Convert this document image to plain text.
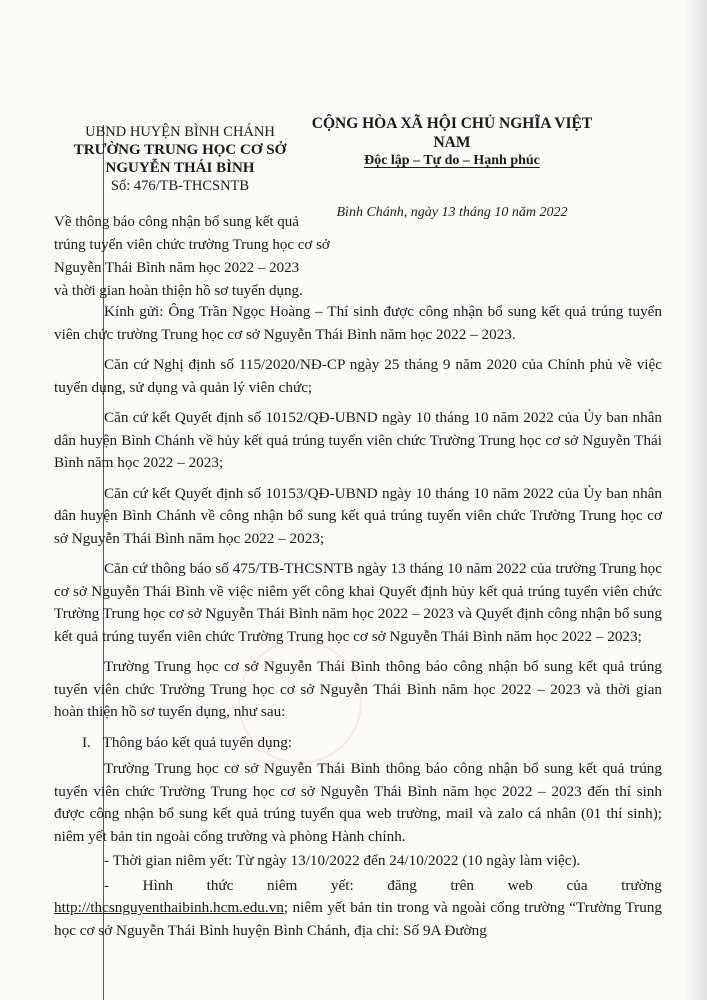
UBND HUYỆN BÌNH CHÁNH
TRƯỜNG TRUNG HỌC CƠ SỞ
NGUYỄN THÁI BÌNH
Số: 476/TB-THCSNTB
CỘNG HÒA XÃ HỘI CHỦ NGHĨA VIỆT NAM
Độc lập – Tự do – Hạnh phúc
Bình Chánh, ngày 13 tháng 10 năm 2022
Về thông báo công nhận bổ sung kết quả
trúng tuyển viên chức trường Trung học cơ sở
Nguyễn Thái Bình năm học 2022 – 2023
và thời gian hoàn thiện hồ sơ tuyển dụng.

Kính gửi: Ông Trần Ngọc Hoàng – Thí sinh được công nhận bổ sung kết quả trúng tuyển viên chức trường Trung học cơ sở Nguyễn Thái Bình năm học 2022 – 2023.

Căn cứ Nghị định số 115/2020/NĐ-CP ngày 25 tháng 9 năm 2020 của Chính phủ về việc tuyển dụng, sử dụng và quản lý viên chức;

Căn cứ kết Quyết định số 10152/QĐ-UBND ngày 10 tháng 10 năm 2022 của Ủy ban nhân dân huyện Bình Chánh về hủy kết quả trúng tuyển viên chức Trường Trung học cơ sở Nguyễn Thái Bình năm học 2022 – 2023;

Căn cứ kết Quyết định số 10153/QĐ-UBND ngày 10 tháng 10 năm 2022 của Ủy ban nhân dân huyện Bình Chánh về công nhận bổ sung kết quả trúng tuyển viên chức Trường Trung học cơ sở Nguyễn Thái Bình năm học 2022 – 2023;

Căn cứ thông báo số 475/TB-THCSNTB ngày 13 tháng 10 năm 2022 của trường Trung học cơ sở Nguyễn Thái Bình về việc niêm yết công khai Quyết định hủy kết quả trúng tuyển viên chức Trường Trung học cơ sở Nguyễn Thái Bình năm học 2022 – 2023 và Quyết định công nhận bổ sung kết quả trúng tuyển viên chức Trường Trung học cơ sở Nguyễn Thái Bình năm học 2022 – 2023;

Trường Trung học cơ sở Nguyễn Thái Bình thông báo công nhận bổ sung kết quả trúng tuyển viên chức Trường Trung học cơ sở Nguyễn Thái Bình năm học 2022 – 2023 và thời gian hoàn thiện hồ sơ tuyển dụng, như sau:

I. Thông báo kết quả tuyển dụng:

Trường Trung học cơ sở Nguyễn Thái Bình thông báo công nhận bổ sung kết quả trúng tuyển viên chức Trường Trung học cơ sở Nguyễn Thái Bình năm học 2022 – 2023 đến thí sinh được công nhận bổ sung kết quả trúng tuyển qua web trường, mail và zalo cá nhân (01 thí sinh); niêm yết bản tin ngoài cổng trường và phòng Hành chính.

- Thời gian niêm yết: Từ ngày 13/10/2022 đến 24/10/2022 (10 ngày làm việc).

- Hình thức niêm yết: đăng trên web của trường

http://thcsnguyenthaibinh.hcm.edu.vn; niêm yết bản tin trong và ngoài cổng trường “Trường Trung học cơ sở Nguyễn Thái Bình huyện Bình Chánh, địa chỉ: Số 9A Đường
